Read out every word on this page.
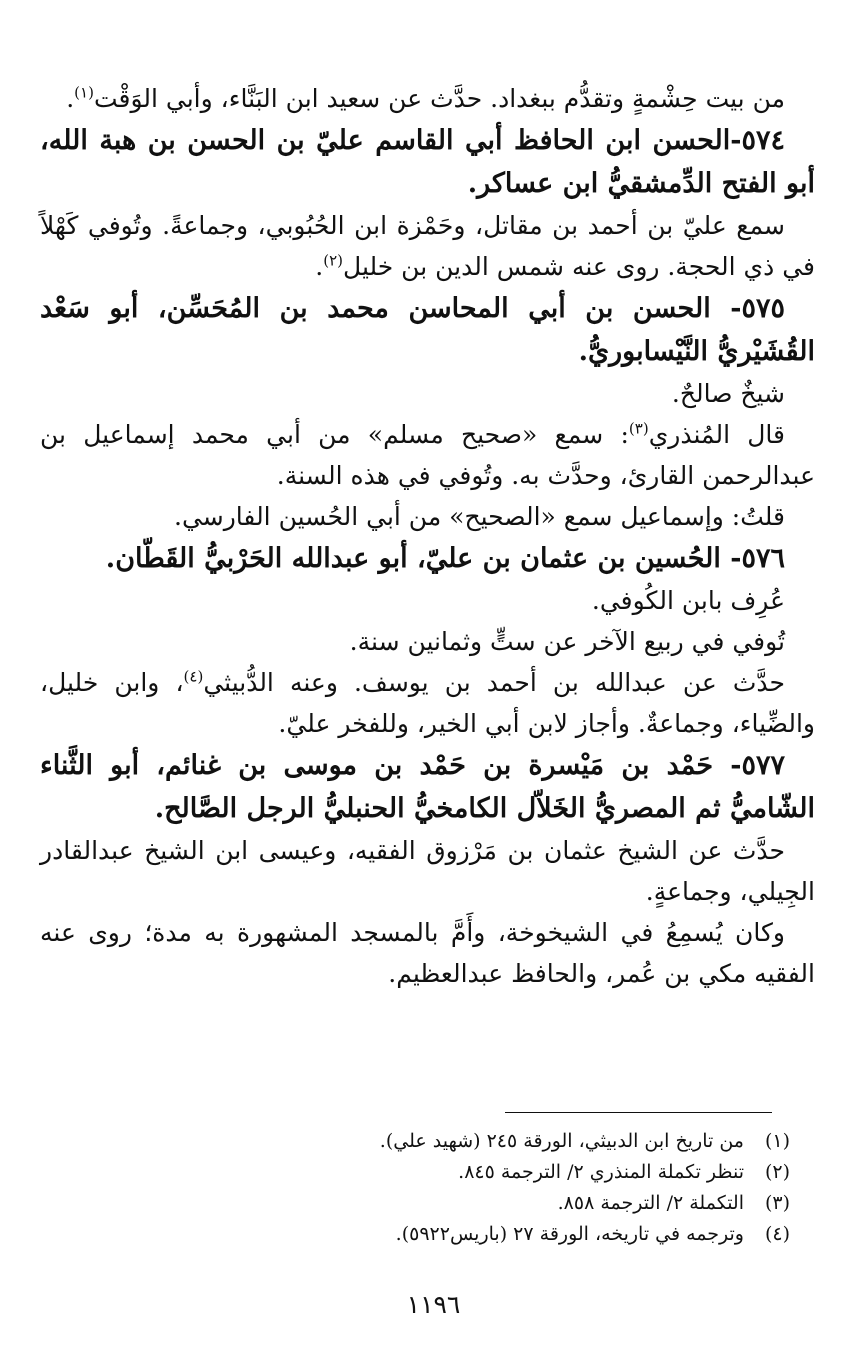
من بيت حِشْمةٍ وتقدُّم ببغداد. حدَّث عن سعيد ابن البَنَّاء، وأبي الوَقْت$^{(١)}$.

٥٧٤-الحسن ابن الحافظ أبي القاسم عليّ بن الحسن بن هبة الله، أبو الفتح الدِّمشقيُّ ابن عساكر.

سمع عليّ بن أحمد بن مقاتل، وحَمْزة ابن الحُبُوبي، وجماعةً. وتُوفي كَهْلاً في ذي الحجة. روى عنه شمس الدين بن خليل$^{(٢)}$.

٥٧٥- الحسن بن أبي المحاسن محمد بن المُحَسِّن، أبو سَعْد القُشَيْريُّ النَّيْسابوريُّ.

شيخٌ صالحٌ.

قال المُنذري$^{(٣)}$: سمع «صحيح مسلم» من أبي محمد إسماعيل بن عبدالرحمن القارئ، وحدَّث به. وتُوفي في هذه السنة.

قلتُ: وإسماعيل سمع «الصحيح» من أبي الحُسين الفارسي.

٥٧٦- الحُسين بن عثمان بن عليّ، أبو عبدالله الحَرْبيُّ القَطّان.

عُرِف بابن الكُوفي.

تُوفي في ربيع الآخر عن ستٍّ وثمانين سنة.

حدَّث عن عبدالله بن أحمد بن يوسف. وعنه الدُّبيثي$^{(٤)}$، وابن خليل، والضِّياء، وجماعةٌ. وأجاز لابن أبي الخير، وللفخر عليّ.

٥٧٧- حَمْد بن مَيْسرة بن حَمْد بن موسى بن غنائم، أبو الثَّناء الشّاميُّ ثم المصريُّ الخَلاّل الكامخيُّ الحنبليُّ الرجل الصَّالح.

حدَّث عن الشيخ عثمان بن مَرْزوق الفقيه، وعيسى ابن الشيخ عبدالقادر الجِيلي، وجماعةٍ.

وكان يُسمِعُ في الشيخوخة، وأَمَّ بالمسجد المشهورة به مدة؛ روى عنه الفقيه مكي بن عُمر، والحافظ عبدالعظيم.

(١)
من تاريخ ابن الدبيثي، الورقة ٢٤٥ (شهيد علي).

(٢)
تنظر تكملة المنذري ٢/ الترجمة ٨٤٥.

(٣)
التكملة ٢/ الترجمة ٨٥٨.

(٤)
وترجمه في تاريخه، الورقة ٢٧ (باريس٥٩٢٢).

١١٩٦
